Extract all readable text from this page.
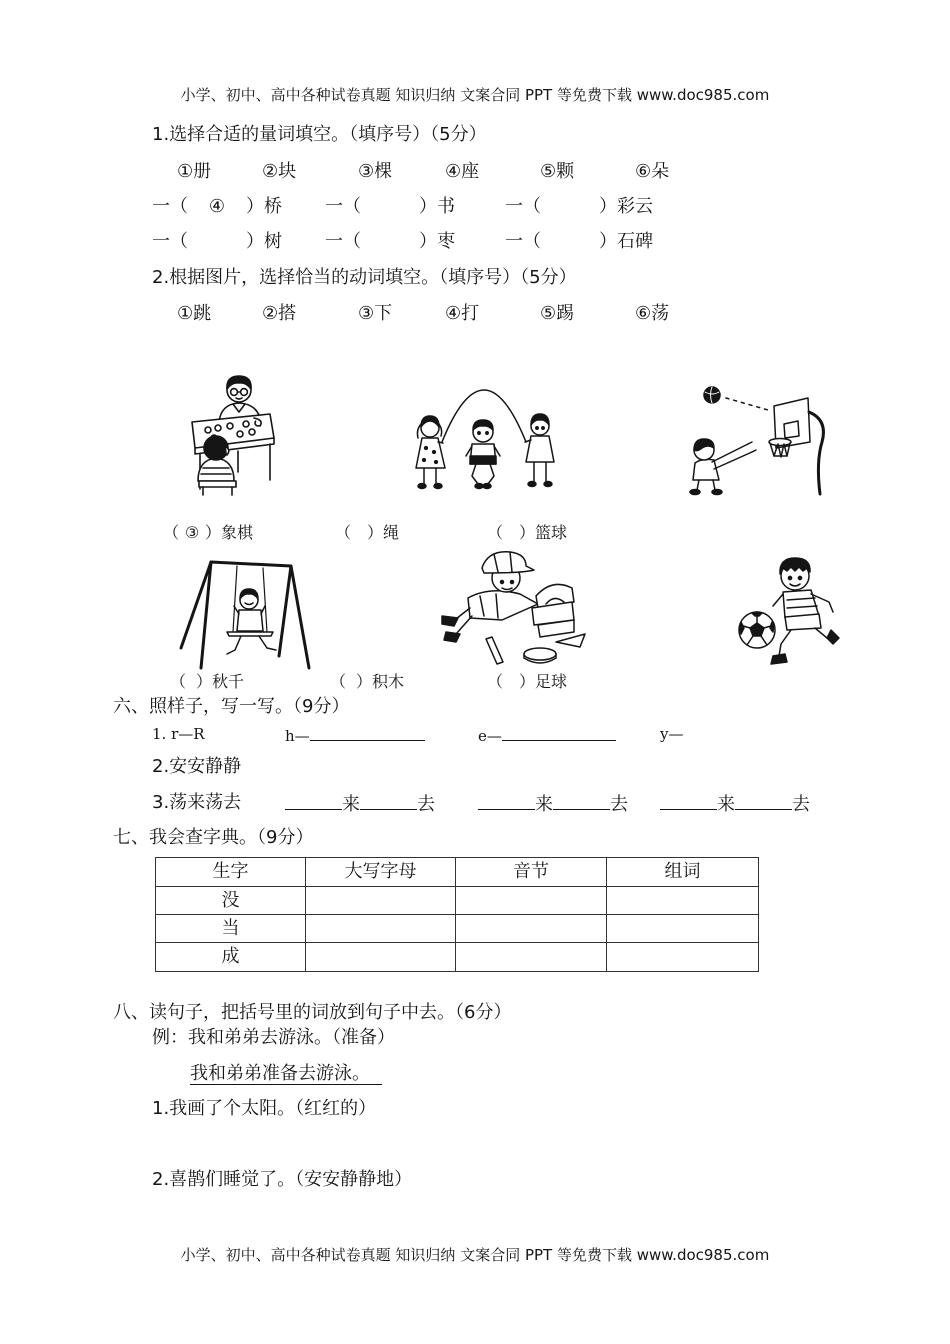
小学、初中、高中各种试卷真题 知识归纳 文案合同 PPT 等免费下载 www.doc985.com
1.选择合适的量词填空。（填序号）（5分）
①册	②块	③棵	④座	⑤颗	⑥朵
一（ ④ ）桥 一（	）书	一（	）彩云
一（	）树 一（	）枣	一（	）石碑
2.根据图片，选择恰当的动词填空。（填序号）（5分）
①跳	②搭	③下	④打	⑤踢	⑥荡
（ ③ ）象棋	（ ）绳	（ ）篮球
（ ）秋千	（ ）积木	（ ）足球
六、照样子，写一写。（9分）
1. r—R	h—	e—	y—
2.安安静静
3.荡来荡去	来	去	来	去	来	去
七、我会查字典。（9分）
生字	大写字母	音节	组词
没			
当			
成			
八、读句子，把括号里的词放到句子中去。（6分）
例：我和弟弟去游泳。（准备）
我和弟弟准备去游泳。
1.我画了个太阳。（红红的）
2.喜鹊们睡觉了。（安安静静地）
小学、初中、高中各种试卷真题 知识归纳 文案合同 PPT 等免费下载 www.doc985.com
